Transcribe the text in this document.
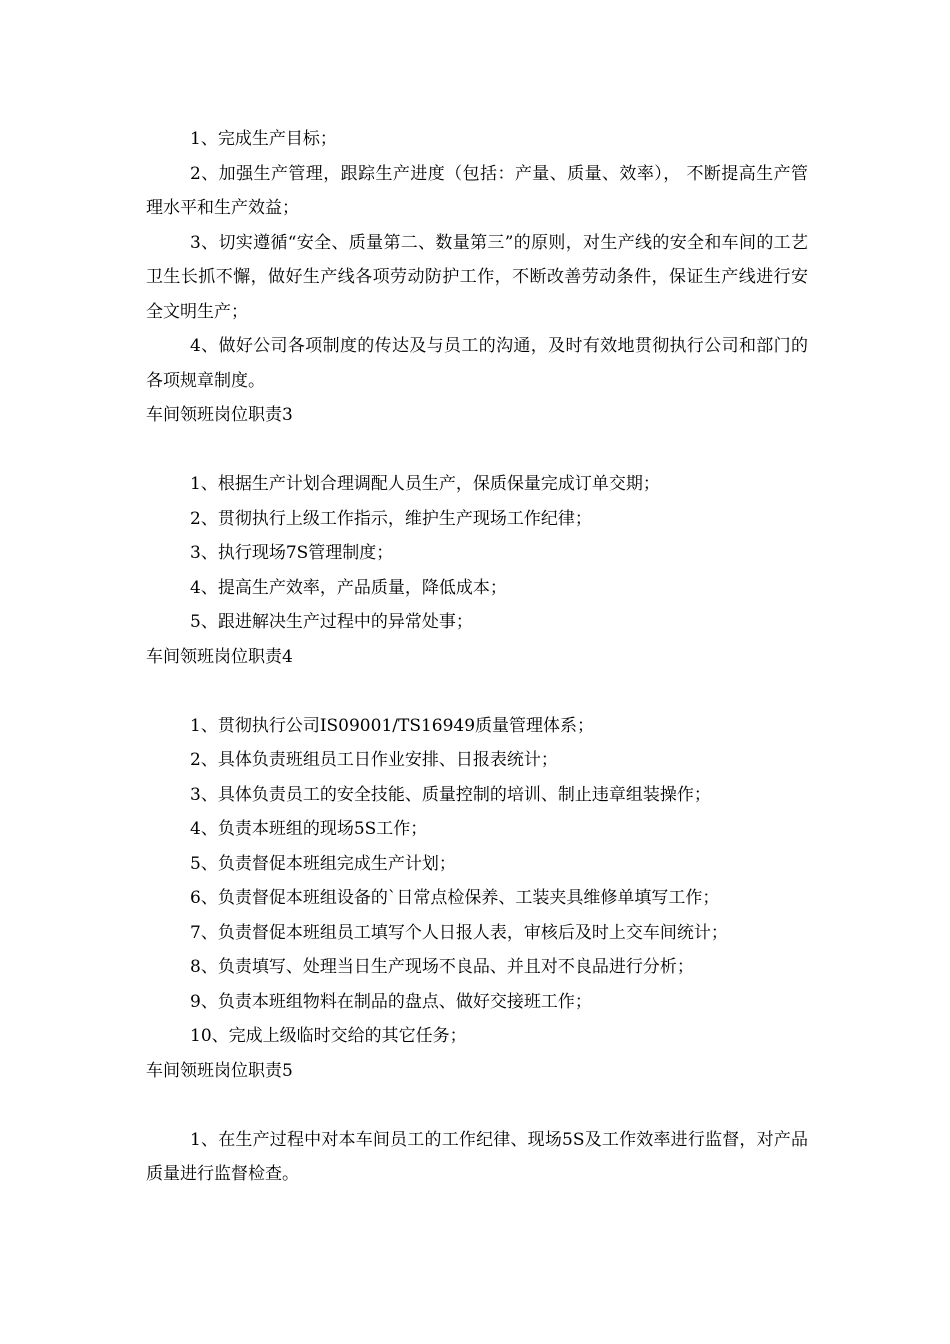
1、完成生产目标；

2、加强生产管理，跟踪生产进度（包括：产量、质量、效率）， 不断提高生产管理水平和生产效益；

3、切实遵循“安全、质量第二、数量第三”的原则，对生产线的安全和车间的工艺卫生长抓不懈，做好生产线各项劳动防护工作，不断改善劳动条件，保证生产线进行安全文明生产；

4、做好公司各项制度的传达及与员工的沟通，及时有效地贯彻执行公司和部门的各项规章制度。

车间领班岗位职责3

1、根据生产计划合理调配人员生产，保质保量完成订单交期；

2、贯彻执行上级工作指示，维护生产现场工作纪律；

3、执行现场7S管理制度；

4、提高生产效率，产品质量，降低成本；

5、跟进解决生产过程中的异常处事；

车间领班岗位职责4

1、贯彻执行公司IS09001/TS16949质量管理体系；

2、具体负责班组员工日作业安排、日报表统计；

3、具体负责员工的安全技能、质量控制的培训、制止违章组装操作；

4、负责本班组的现场5S工作；

5、负责督促本班组完成生产计划；

6、负责督促本班组设备的`日常点检保养、工装夹具维修单填写工作；

7、负责督促本班组员工填写个人日报人表，审核后及时上交车间统计；

8、负责填写、处理当日生产现场不良品、并且对不良品进行分析；

9、负责本班组物料在制品的盘点、做好交接班工作；

10、完成上级临时交给的其它任务；

车间领班岗位职责5

1、在生产过程中对本车间员工的工作纪律、现场5S及工作效率进行监督，对产品质量进行监督检查。
